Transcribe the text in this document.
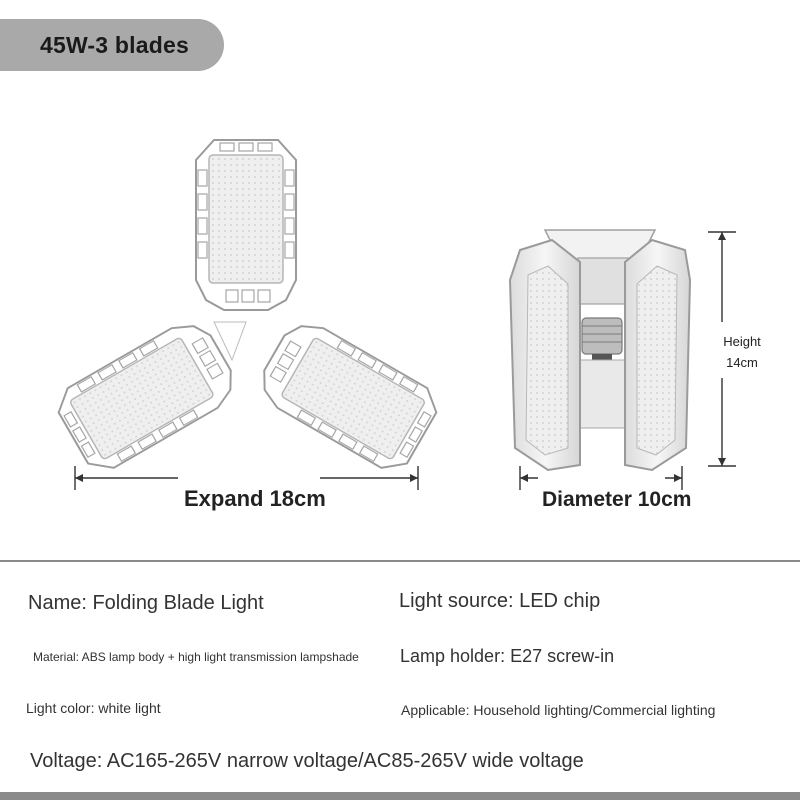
45W-3 blades
Expand 18cm	Diameter 10cm
Height
14cm
Name: Folding Blade Light	Light source: LED chip
Material: ABS lamp body + high light transmission lampshade Lamp holder: E27 screw-in
Light color: white light	Applicable: Household lighting/Commercial lighting
Voltage: AC165-265V narrow voltage/AC85-265V wide voltage
